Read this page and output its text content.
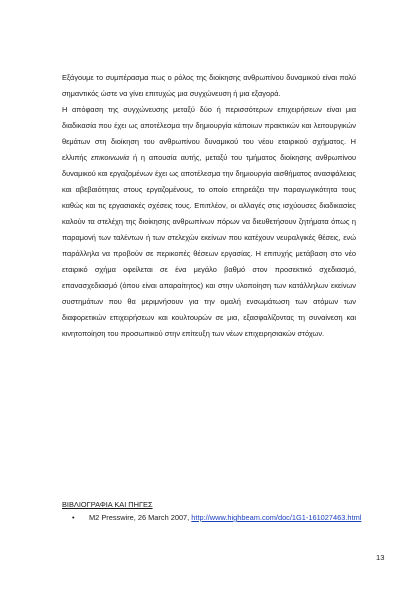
Εξάγουμε το συμπέρασμα πως ο ρόλος της διοίκησης ανθρωπίνου δυναμικού είναι πολύ σημαντικός ώστε να γίνει επιτυχώς μια συγχώνευση ή μια εξαγορά.

Η απόφαση της συγχώνευσης μεταξύ δύο ή περισσότερων επιχειρήσεων είναι μια διαδικασία που έχει ως αποτέλεσμα την δημιουργία κάποιων πρακτικών και λειτουργικών θεμάτων στη διοίκηση του ανθρωπίνου δυναμικού του νέου εταιρικού σχήματος. Η ελλιπής επικοινωνία ή η απουσία αυτής, μεταξύ του τμήματος διοίκησης ανθρωπίνου δυναμικού και εργαζομένων έχει ως αποτέλεσμα την δημιουργία αισθήματος ανασφάλειας και αβεβαιότητας στους εργαζομένους, το οποίο επηρεάζει την παραγωγικότητα τους καθώς και τις εργασιακές σχέσεις τους. Επιπλέον, οι αλλαγές στις ισχύουσες διαδικασίες καλούν τα στελέχη της διοίκησης ανθρωπίνων πόρων να διευθετήσουν ζητήματα όπως η παραμονή των ταλέντων ή των στελεχών εκείνων που κατέχουν νευραλγικές θέσεις, ενώ παράλληλα να προβούν σε περικοπές θέσεων εργασίας. Η επιτυχής μετάβαση στο νέο εταιρικό σχήμα οφείλεται σε ένα μεγάλο βαθμό στον προσεκτικό σχεδιασμό, επανασχεδιασμό (όπου είναι απαραίτητος) και στην υλοποίηση των κατάλληλων εκείνων συστημάτων που θα μεριμνήσουν για την ομαλή ενσωμάτωση των ατόμων των διαφορετικών επιχειρήσεων και κουλτουρών σε μια, εξασφαλίζοντας τη συναίνεση και κινητοποίηση του προσωπικού στην επίτευξη των νέων επιχειρησιακών στόχων.

ΒΙΒΛΙΟΓΡΑΦΙΑ ΚΑΙ ΠΗΓΕΣ
• M2 Presswire, 26 March 2007, http://www.highbeam.com/doc/1G1-161027463.html
13
